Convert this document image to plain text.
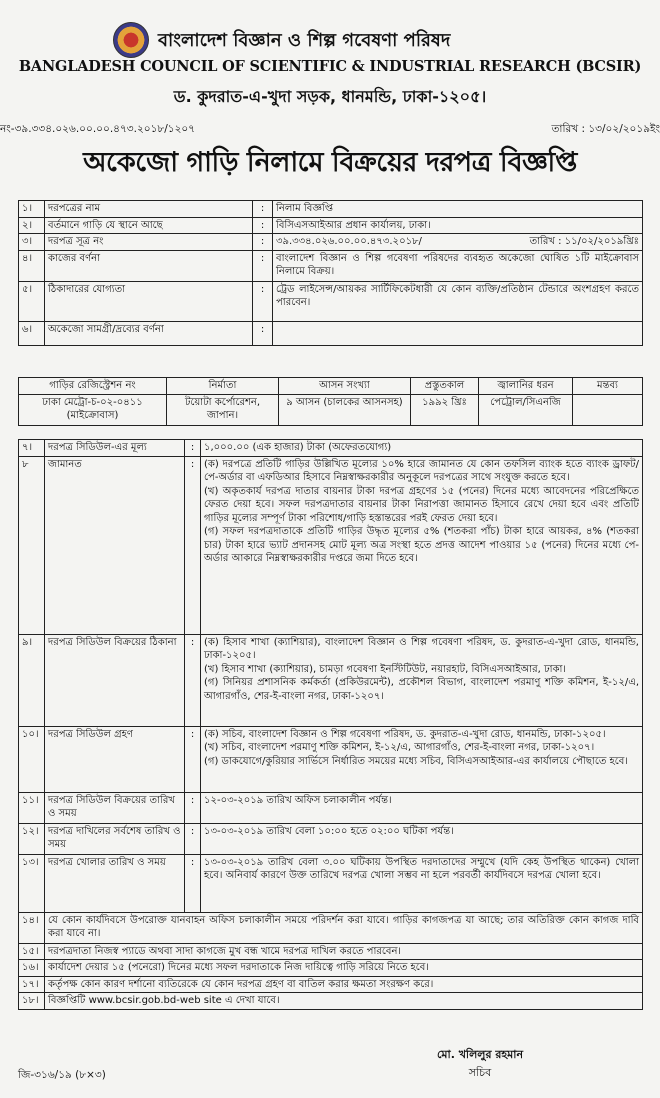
বাংলাদেশ বিজ্ঞান ও শিল্প গবেষণা পরিষদ
BANGLADESH COUNCIL OF SCIENTIFIC & INDUSTRIAL RESEARCH (BCSIR)
ড. কুদরাত-এ-খুদা সড়ক, ধানমন্ডি, ঢাকা-১২০৫।
নং-৩৯.৩৩৪.০২৬.০০.০০.৪৭৩.২০১৮/১২০৭	তারিখ : ১৩/০২/২০১৯ইং
অকেজো গাড়ি নিলামে বিক্রয়ের দরপত্র বিজ্ঞপ্তি
১।	দরপত্রের নাম	:	নিলাম বিজ্ঞপ্তি
২।	বর্তমানে গাড়ি যে স্থানে আছে	:	বিসিএসআইআর প্রধান কার্যালয়, ঢাকা।
৩।	দরপত্র সূত্র নং	:	৩৯.৩৩৪.০২৬.০০.০০.৪৭৩.২০১৮/ তারিখ : ১১/০২/২০১৯খ্রিঃ

৪।	কাজের বর্ণনা	:	বাংলাদেশ বিজ্ঞান ও শিল্প গবেষণা পরিষদের ব্যবহৃত অকেজো ঘোষিত ১টি মাইক্রোবাস নিলামে বিক্রয়।
৫।	ঠিকাদারের যোগ্যতা	:	ট্রেড লাইসেন্স/আয়কর সার্টিফিকেটধারী যে কোন ব্যক্তি/প্রতিষ্ঠান টেন্ডারে অংশগ্রহণ করতে পারবেন।
৬।	অকেজো সামগ্রী/দ্রব্যের বর্ণনা	:	
গাড়ির রেজিস্ট্রেশন নং	নির্মাতা	আসন সংখ্যা	প্রস্তুতকাল	জ্বালানির ধরন	মন্তব্য
ঢাকা মেট্রো-চ-০২-০৪১১ (মাইক্রোবাস)	টয়োটা কর্পোরেশন, জাপান।	৯ আসন (চালকের আসনসহ)	১৯৯২ খ্রিঃ	পেট্রোল/সিএনজি	
৭।	দরপত্র সিডিউল-এর মূল্য	:	১,০০০.০০ (এক হাজার) টাকা (অফেরতযোগ্য)
৮	জামানত	:	(ক) দরপত্রে প্রতিটি গাড়ির উল্লিখিত মূল্যের ১০% হারে জামানত যে কোন তফসিল ব্যাংক হতে ব্যাংক ড্রাফট/ পে-অর্ডার বা এফডিআর হিসাবে নিম্নস্বাক্ষরকারীর অনুকূলে দরপত্রের সাথে সংযুক্ত করতে হবে।
(খ) অকৃতকার্য দরপত্র দাতার বায়নার টাকা দরপত্র গ্রহণের ১৫ (পনের) দিনের মধ্যে আবেদনের পরিপ্রেক্ষিতে ফেরত দেয়া হবে। সফল দরপত্রদাতার বায়নার টাকা নিরাপত্তা জামানত হিসাবে রেখে দেয়া হবে এবং প্রতিটি গাড়ির মূল্যের সম্পূর্ণ টাকা পরিশোধ/গাড়ি হস্তান্তরের পরই ফেরত দেয়া হবে।
(গ) সফল দরপত্রদাতাকে প্রতিটি গাড়ির উদ্ধৃত মূল্যের ৫% (শতকরা পাঁচ) টাকা হারে আয়কর, ৪% (শতকরা চার) টাকা হারে ভ্যাট প্রদানসহ মোট মূল্য অত্র সংস্থা হতে প্রদত্ত আদেশ পাওয়ার ১৫ (পনের) দিনের মধ্যে পে-অর্ডার আকারে নিম্নস্বাক্ষরকারীর দপ্তরে জমা দিতে হবে।

৯।	দরপত্র সিডিউল বিক্রয়ের ঠিকানা	:	(ক) হিসাব শাখা (ক্যাশিয়ার), বাংলাদেশ বিজ্ঞান ও শিল্প গবেষণা পরিষদ, ড. কুদরাত-এ-খুদা রোড, ধানমন্ডি, ঢাকা-১২০৫।
(খ) হিসাব শাখা (ক্যাশিয়ার), চামড়া গবেষণা ইনস্টিটিউট, নয়ারহাট, বিসিএসআইআর, ঢাকা।
(গ) সিনিয়র প্রশাসনিক কর্মকর্তা (প্রকিউরমেন্ট), প্রকৌশল বিভাগ, বাংলাদেশ পরমাণু শক্তি কমিশন, ই-১২/এ, আগারগাঁও, শের-ই-বাংলা নগর, ঢাকা-১২০৭।

১০।	দরপত্র সিডিউল গ্রহণ	:	(ক) সচিব, বাংলাদেশ বিজ্ঞান ও শিল্প গবেষণা পরিষদ, ড. কুদরাত-এ-খুদা রোড, ধানমন্ডি, ঢাকা-১২০৫।
(খ) সচিব, বাংলাদেশ পরমাণু শক্তি কমিশন, ই-১২/এ, আগারগাঁও, শের-ই-বাংলা নগর, ঢাকা-১২০৭।
(গ) ডাকযোগে/কুরিয়ার সার্ভিসে নির্ধারিত সময়ের মধ্যে সচিব, বিসিএসআইআর-এর কার্যালয়ে পৌছাতে হবে।

১১।	দরপত্র সিডিউল বিক্রয়ের তারিখ ও সময়	:	১২-০৩-২০১৯ তারিখ অফিস চলাকালীন পর্যন্ত।
১২।	দরপত্র দাখিলের সর্বশেষ তারিখ ও সময়	:	১৩-০৩-২০১৯ তারিখ বেলা ১০:০০ হতে ০২:০০ ঘটিকা পর্যন্ত।
১৩।	দরপত্র খোলার তারিখ ও সময়	:	১৩-০৩-২০১৯ তারিখ বেলা ৩.০০ ঘটিকায় উপস্থিত দরদাতাদের সম্মুখে (যদি কেহ উপস্থিত থাকেন) খোলা হবে। অনিবার্য কারণে উক্ত তারিখে দরপত্র খোলা সম্ভব না হলে পরবর্তী কার্যদিবসে দরপত্র খোলা হবে।
১৪।	যে কোন কার্যদিবসে উপরোক্ত যানবাহন অফিস চলাকালীন সময়ে পরিদর্শন করা যাবে। গাড়ির কাগজপত্র যা আছে; তার অতিরিক্ত কোন কাগজ দাবি করা যাবে না।		
১৫।	দরপত্রদাতা নিজস্ব প্যাডে অথবা সাদা কাগজে মুখ বন্ধ খামে দরপত্র দাখিল করতে পারবেন।		
১৬।	কার্যাদেশ দেয়ার ১৫ (পনেরো) দিনের মধ্যে সফল দরদাতাকে নিজ দায়িত্বে গাড়ি সরিয়ে নিতে হবে।		
১৭।	কর্তৃপক্ষ কোন কারণ দর্শানো ব্যতিরেকে যে কোন দরপত্র গ্রহণ বা বাতিল করার ক্ষমতা সংরক্ষণ করে।		
১৮।	বিজ্ঞপ্তিটি www.bcsir.gob.bd-web site এ দেখা যাবে।		
মো. খলিলুর রহমান
সচিব
জি-৩১৬/১৯ (৮×৩)
